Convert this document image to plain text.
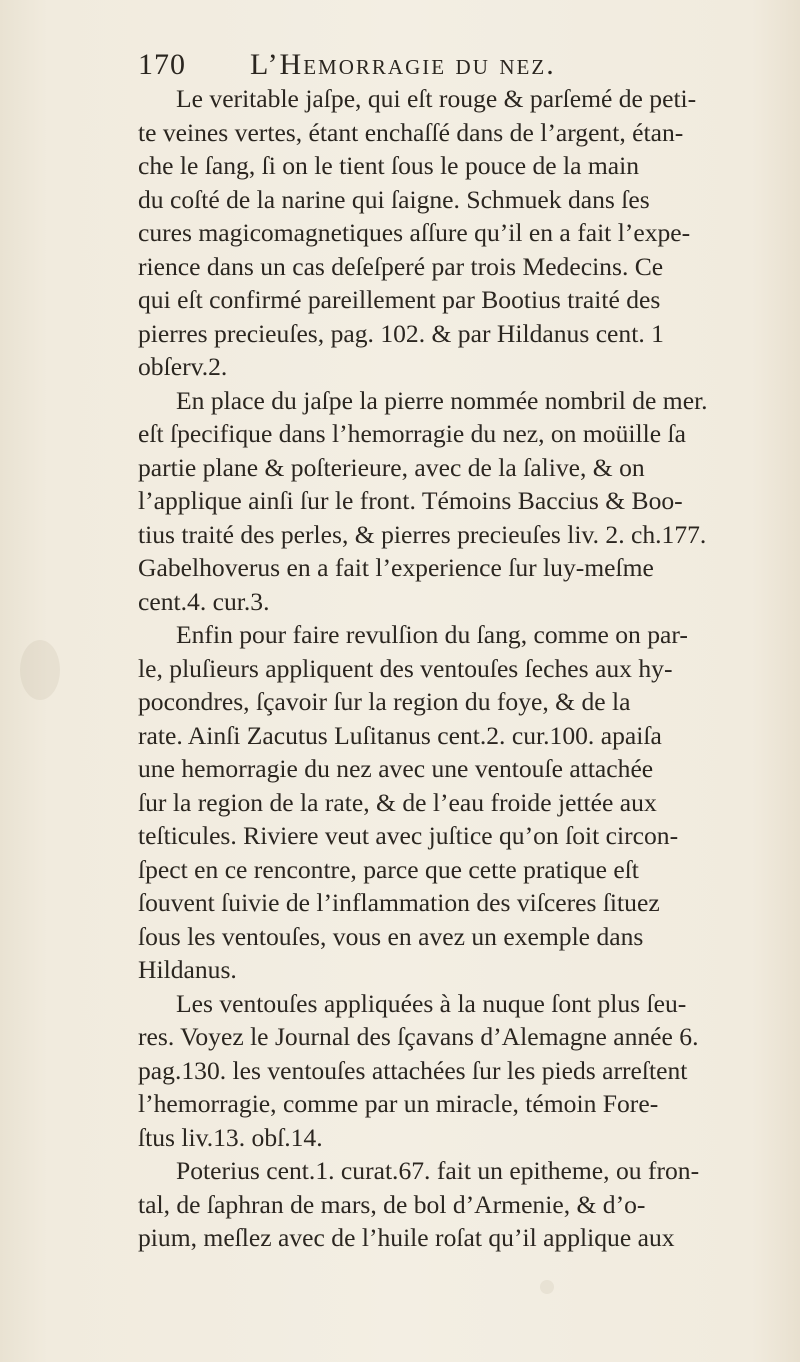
170 L’Hemorragie du nez.
Le veritable jaſpe, qui eſt rouge & parſemé de peti-
te veines vertes, étant enchaſſé dans de l’argent, étan-
che le ſang, ſi on le tient ſous le pouce de la main
du coſté de la narine qui ſaigne. Schmuek dans ſes
cures magicomagnetiques aſſure qu’il en a fait l’expe-
rience dans un cas deſeſperé par trois Medecins. Ce
qui eſt confirmé pareillement par Bootius traité des
pierres precieuſes, pag. 102. & par Hildanus cent. 1
obſerv.2.
En place du jaſpe la pierre nommée nombril de mer.
eſt ſpecifique dans l’hemorragie du nez, on moüille ſa
partie plane & poſterieure, avec de la ſalive, & on
l’applique ainſi ſur le front. Témoins Baccius & Boo-
tius traité des perles, & pierres precieuſes liv. 2. ch.177.
Gabelhoverus en a fait l’experience ſur luy-meſme
cent.4. cur.3.
Enfin pour faire revulſion du ſang, comme on par-
le, pluſieurs appliquent des ventouſes ſeches aux hy-
pocondres, ſçavoir ſur la region du foye, & de la
rate. Ainſi Zacutus Luſitanus cent.2. cur.100. apaiſa
une hemorragie du nez avec une ventouſe attachée
ſur la region de la rate, & de l’eau froide jettée aux
teſticules. Riviere veut avec juſtice qu’on ſoit circon-
ſpect en ce rencontre, parce que cette pratique eſt
ſouvent ſuivie de l’inflammation des viſceres ſituez
ſous les ventouſes, vous en avez un exemple dans
Hildanus.
Les ventouſes appliquées à la nuque ſont plus ſeu-
res. Voyez le Journal des ſçavans d’Alemagne année 6.
pag.130. les ventouſes attachées ſur les pieds arreſtent
l’hemorragie, comme par un miracle, témoin Fore-
ſtus liv.13. obſ.14.
Poterius cent.1. curat.67. fait un epitheme, ou fron-
tal, de ſaphran de mars, de bol d’Armenie, & d’o-
pium, meſlez avec de l’huile roſat qu’il applique aux
